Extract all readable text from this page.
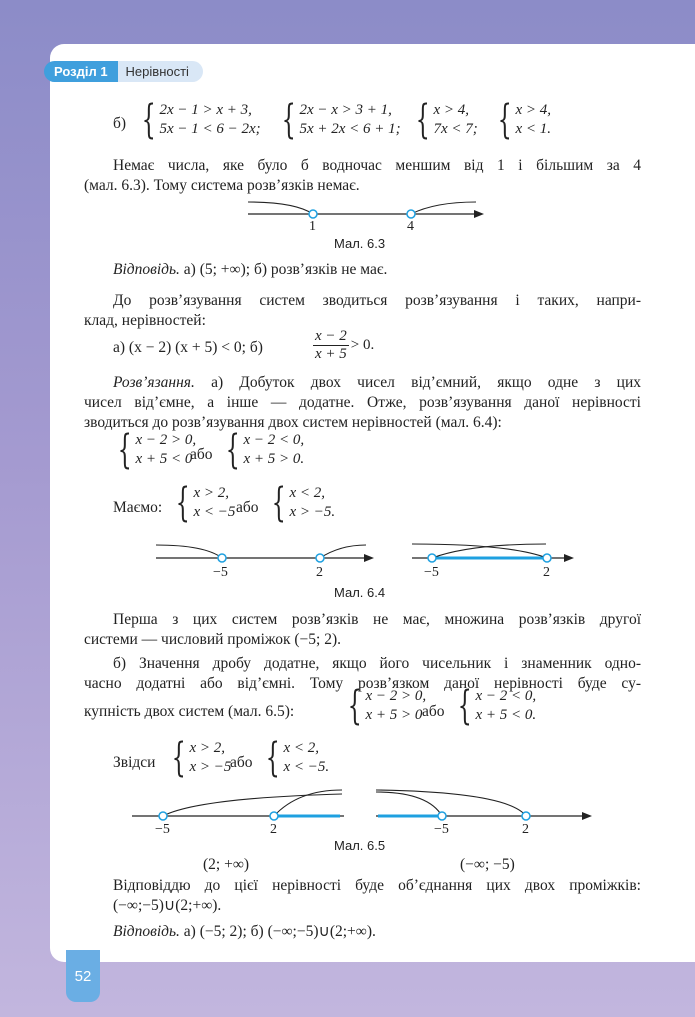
Розділ 1	Нерівності
52
б) { 2x − 1 > x + 3,
5x − 1 < 6 − 2x; { 2x − x > 3 + 1,
5x + 2x < 6 + 1; { x > 4,
7x < 7; { x > 4,
x < 1.
Немає числа, яке було б водночас меншим від 1 і більшим за 4
(мал. 6.3). Тому система розв’язків немає.
1	4
Мал. 6.3
Відповідь. а) (5; +∞); б) розв’язків не має.
До розв’язування систем зводиться розв’язування і таких, напри-
клад, нерівностей:
а) (x − 2) (x + 5) < 0; б)
x − 2
x + 5
> 0.
Розв’язання. а) Добуток двох чисел від’ємний, якщо одне з цих
чисел від’ємне, а інше — додатне. Отже, розв’язування даної нерівності
зводиться до розв’язування двох систем нерівностей (мал. 6.4):
{ x − 2 > 0,
x + 5 < 0
або { x − 2 < 0,
x + 5 > 0.
Маємо: { x > 2,
x < −5 або { x < 2,
x > −5.
−5	2	−5	2
Мал. 6.4
Перша з цих систем розв’язків не має, множина розв’язків другої
системи — числовий проміжок (−5; 2).
б) Значення дробу додатне, якщо його чисельник і знаменник одно-
часно додатні або від’ємні. Тому розв’язком даної нерівності буде су-
купність двох систем (мал. 6.5): { x − 2 > 0,
x + 5 > 0 або { x − 2 < 0,
x + 5 < 0.
Звідси { x > 2,
x > −5
або { x < 2,
x < −5.
−5	2	−5	2
Мал. 6.5
(2; +∞)	(−∞; −5)
Відповіддю до цієї нерівності буде об’єднання цих двох проміжків:
(−∞;−5)∪(2;+∞).
Відповідь. а) (−5; 2); б) (−∞;−5)∪(2;+∞).
